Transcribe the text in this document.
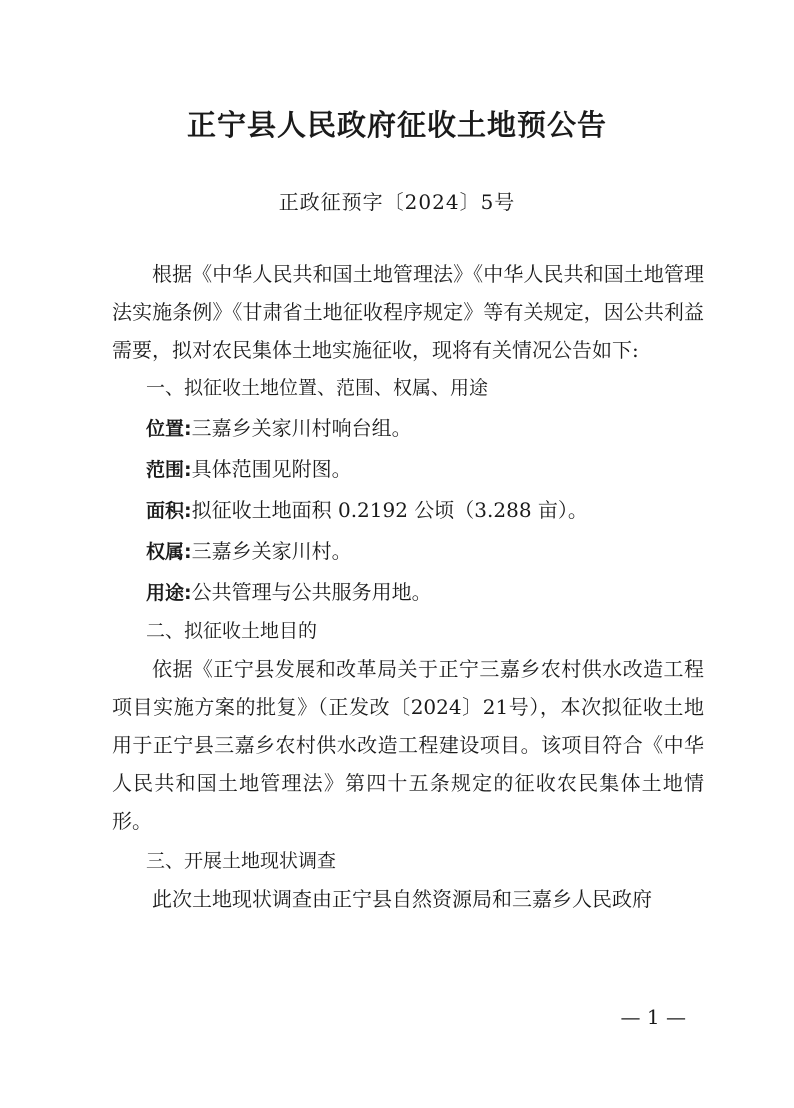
正宁县人民政府征收土地预公告
正政征预字〔2024〕5号

根据《中华人民共和国土地管理法》《中华人民共和国土地管理法实施条例》《甘肃省土地征收程序规定》等有关规定，因公共利益需要，拟对农民集体土地实施征收，现将有关情况公告如下:

一、拟征收土地位置、范围、权属、用途

位置:三嘉乡关家川村响台组。

范围:具体范围见附图。

面积:拟征收土地面积 0.2192 公顷（3.288 亩）。

权属:三嘉乡关家川村。

用途:公共管理与公共服务用地。

二、拟征收土地目的

依据《正宁县发展和改革局关于正宁三嘉乡农村供水改造工程项目实施方案的批复》（正发改〔2024〕21号），本次拟征收土地用于正宁县三嘉乡农村供水改造工程建设项目。该项目符合《中华人民共和国土地管理法》第四十五条规定的征收农民集体土地情形。

三、开展土地现状调查

此次土地现状调查由正宁县自然资源局和三嘉乡人民政府

— 1 —
